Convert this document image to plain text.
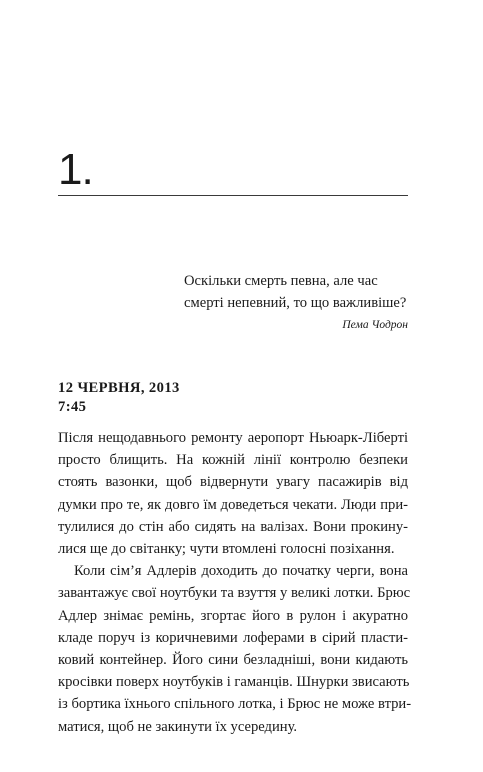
1.
Оскільки смерть певна, але час
смерті непевний, то що важливіше?
Пема Чодрон
12 ЧЕРВНЯ, 2013
7:45
Після нещодавнього ремонту аеропорт Ньюарк-Ліберті
просто блищить. На кожній лінії контролю безпеки
стоять вазонки, щоб відвернути увагу пасажирів від
думки про те, як довго їм доведеться чекати. Люди при-
тулилися до стін або сидять на валізах. Вони прокину-
лися ще до світанку; чути втомлені голосні позіхання.
Коли сім’я Адлерів доходить до початку черги, вона
завантажує свої ноутбуки та взуття у великі лотки. Брюс
Адлер знімає ремінь, згортає його в рулон і акуратно
кладе поруч із коричневими лоферами в сірий пласти-
ковий контейнер. Його сини безладніші, вони кидають
кросівки поверх ноутбуків і гаманців. Шнурки звисають
із бортика їхнього спільного лотка, і Брюс не може втри-
матися, щоб не закинути їх усередину.
